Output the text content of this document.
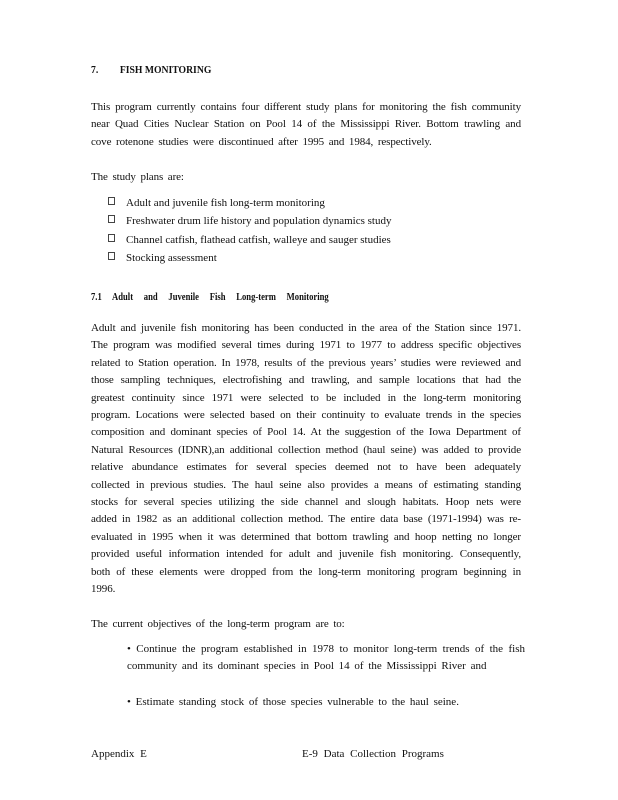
7. FISH MONITORING

This program currently contains four different study plans for monitoring the fish community near Quad Cities Nuclear Station on Pool 14 of the Mississippi River. Bottom trawling and cove rotenone studies were discontinued after 1995 and 1984, respectively.

The study plans are:

Adult and juvenile fish long-term monitoring
Freshwater drum life history and population dynamics study
Channel catfish, flathead catfish, walleye and sauger studies
Stocking assessment
7.1 Adult and Juvenile Fish Long-term Monitoring

Adult and juvenile fish monitoring has been conducted in the area of the Station since 1971. The program was modified several times during 1971 to 1977 to address specific objectives related to Station operation. In 1978, results of the previous years’ studies were reviewed and those sampling techniques, electrofishing and trawling, and sample locations that had the greatest continuity since 1971 were selected to be included in the long-term monitoring program. Locations were selected based on their continuity to evaluate trends in the species composition and dominant species of Pool 14. At the suggestion of the Iowa Department of Natural Resources (IDNR),an additional collection method (haul seine) was added to provide relative abundance estimates for several species deemed not to have been adequately collected in previous studies. The haul seine also provides a means of estimating standing stocks for several species utilizing the side channel and slough habitats. Hoop nets were added in 1982 as an additional collection method. The entire data base (1971-1994) was re-evaluated in 1995 when it was determined that bottom trawling and hoop netting no longer provided useful information intended for adult and juvenile fish monitoring. Consequently, both of these elements were dropped from the long-term monitoring program beginning in 1996.

The current objectives of the long-term program are to:

• Continue the program established in 1978 to monitor long-term trends of the fish community and its dominant species in Pool 14 of the Mississippi River and
• Estimate standing stock of those species vulnerable to the haul seine.
Appendix E	E-9 Data Collection Programs
